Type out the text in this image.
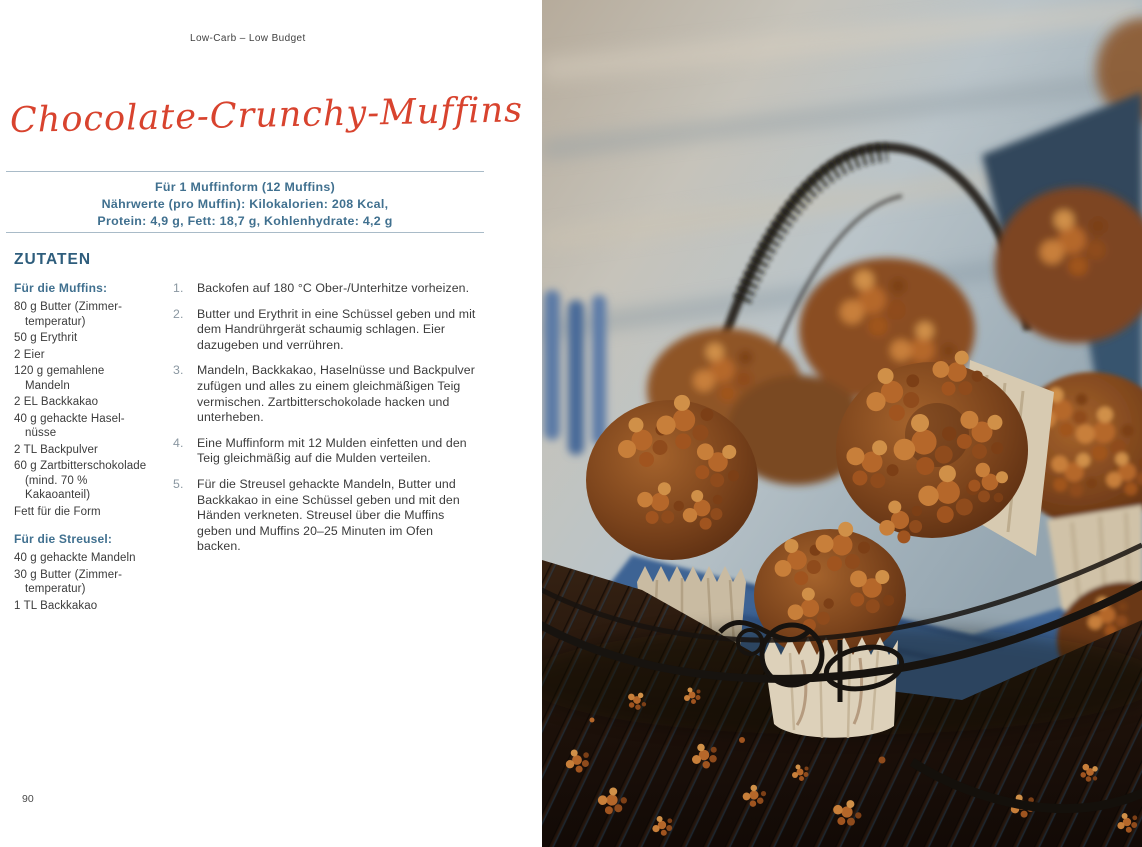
Low-Carb – Low Budget
Chocolate-Crunchy-Muffins
Für 1 Muffinform (12 Muffins)
Nährwerte (pro Muffin): Kilokalorien: 208 Kcal,
Protein: 4,9 g, Fett: 18,7 g, Kohlenhydrate: 4,2 g
ZUTATEN
Für die Muffins:
80 g Butter (Zimmertemperatur)
50 g Erythrit
2 Eier
120 g gemahlene Mandeln
2 EL Backkakao
40 g gehackte Haselnüsse
2 TL Backpulver
60 g Zartbitterschokolade (mind. 70 % Kakaoanteil)
Fett für die Form
Für die Streusel:
40 g gehackte Mandeln
30 g Butter (Zimmertemperatur)
1 TL Backkakao
Backofen auf 180 °C Ober-/Unterhitze vorheizen.
Butter und Erythrit in eine Schüssel geben und mit dem Handrührgerät schaumig schlagen. Eier dazugeben und verrühren.
Mandeln, Backkakao, Haselnüsse und Backpulver zufügen und alles zu einem gleichmäßigen Teig vermischen. Zartbitterschokolade hacken und unterheben.
Eine Muffinform mit 12 Mulden einfetten und den Teig gleichmäßig auf die Mulden verteilen.
Für die Streusel gehackte Mandeln, Butter und Backkakao in eine Schüssel geben und mit den Händen verkneten. Streusel über die Muffins geben und Muffins 20–25 Minuten im Ofen backen.
90
